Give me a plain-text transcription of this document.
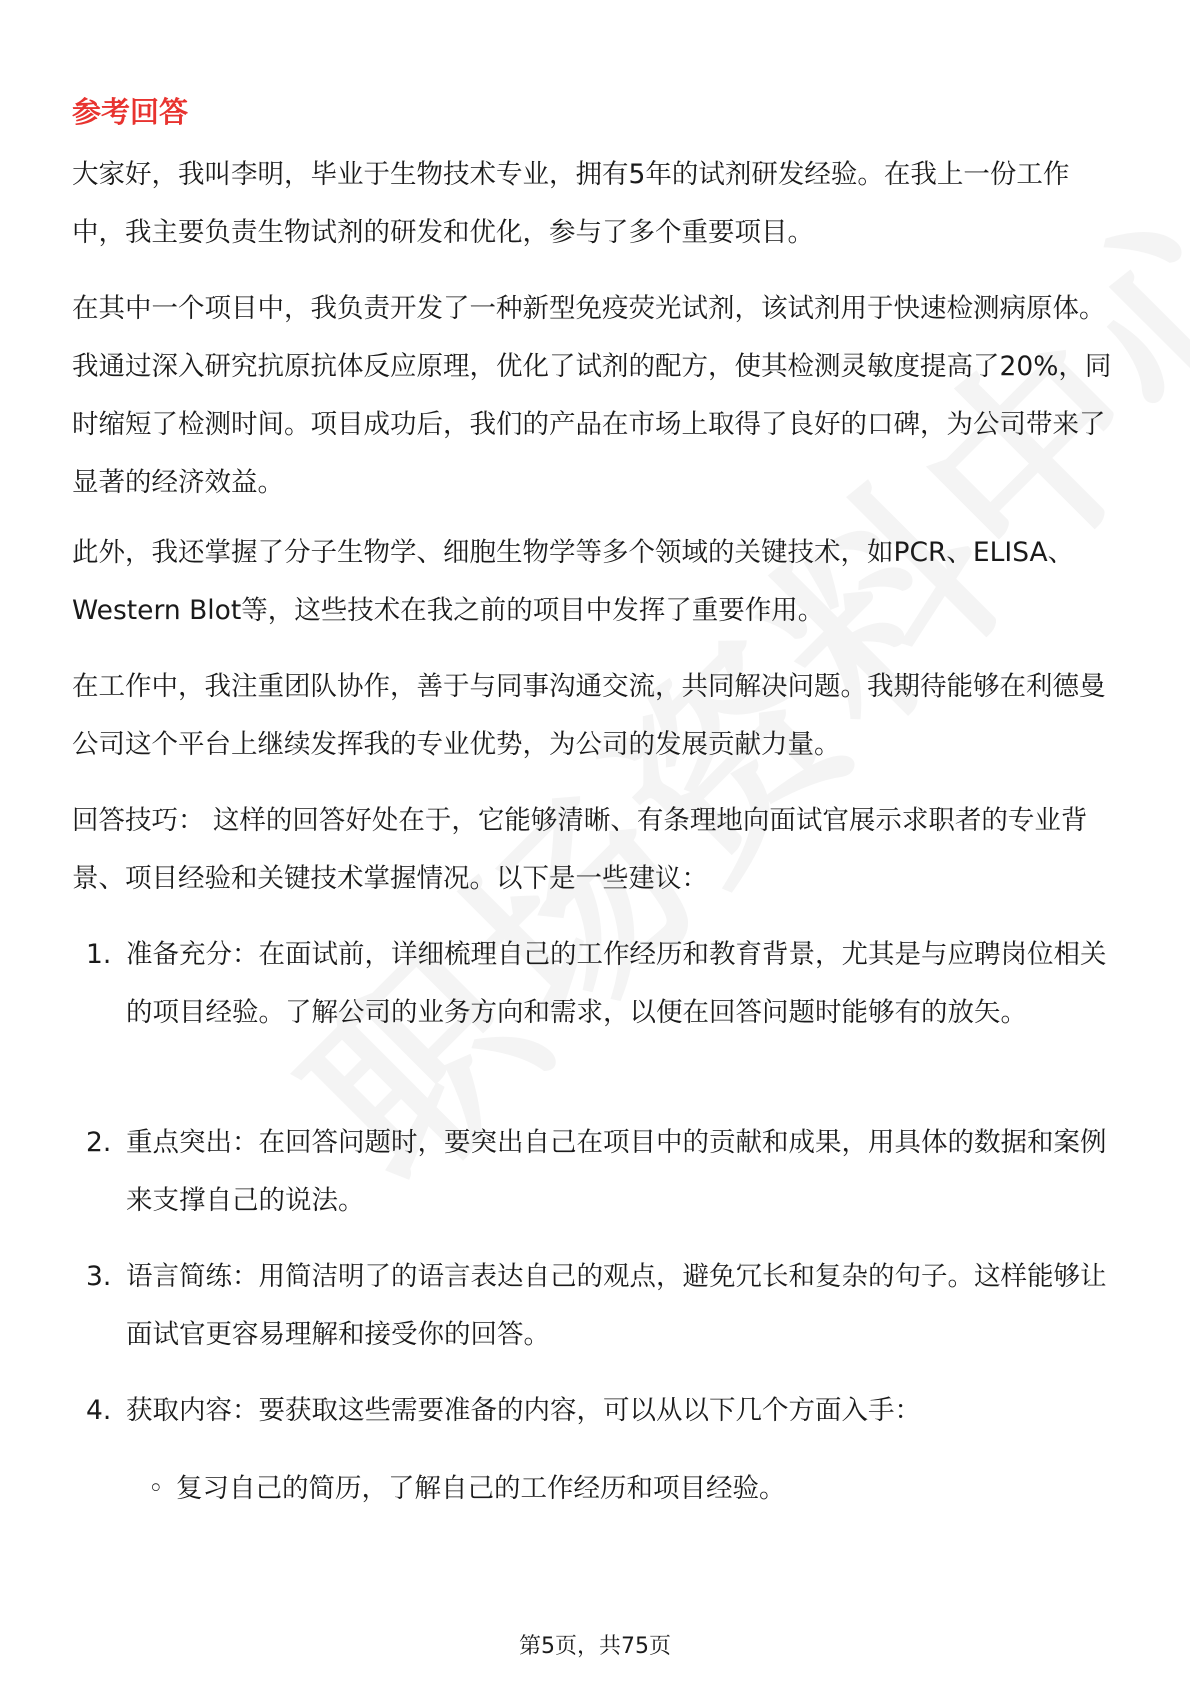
参考回答
大家好，我叫李明，毕业于生物技术专业，拥有5年的试剂研发经验。在我上一份工作中，我主要负责生物试剂的研发和优化，参与了多个重要项目。
在其中一个项目中，我负责开发了一种新型免疫荧光试剂，该试剂用于快速检测病原体。我通过深入研究抗原抗体反应原理，优化了试剂的配方，使其检测灵敏度提高了20%，同时缩短了检测时间。项目成功后，我们的产品在市场上取得了良好的口碑，为公司带来了显著的经济效益。
此外，我还掌握了分子生物学、细胞生物学等多个领域的关键技术，如PCR、ELISA、Western Blot等，这些技术在我之前的项目中发挥了重要作用。
在工作中，我注重团队协作，善于与同事沟通交流，共同解决问题。我期待能够在利德曼公司这个平台上继续发挥我的专业优势，为公司的发展贡献力量。
回答技巧： 这样的回答好处在于，它能够清晰、有条理地向面试官展示求职者的专业背景、项目经验和关键技术掌握情况。以下是一些建议：
1. 准备充分：在面试前，详细梳理自己的工作经历和教育背景，尤其是与应聘岗位相关的项目经验。了解公司的业务方向和需求，以便在回答问题时能够有的放矢。
2. 重点突出：在回答问题时，要突出自己在项目中的贡献和成果，用具体的数据和案例来支撑自己的说法。
3. 语言简练：用简洁明了的语言表达自己的观点，避免冗长和复杂的句子。这样能够让面试官更容易理解和接受你的回答。
4. 获取内容：要获取这些需要准备的内容，可以从以下几个方面入手：
◦ 复习自己的简历，了解自己的工作经历和项目经验。
第5页，共75页
